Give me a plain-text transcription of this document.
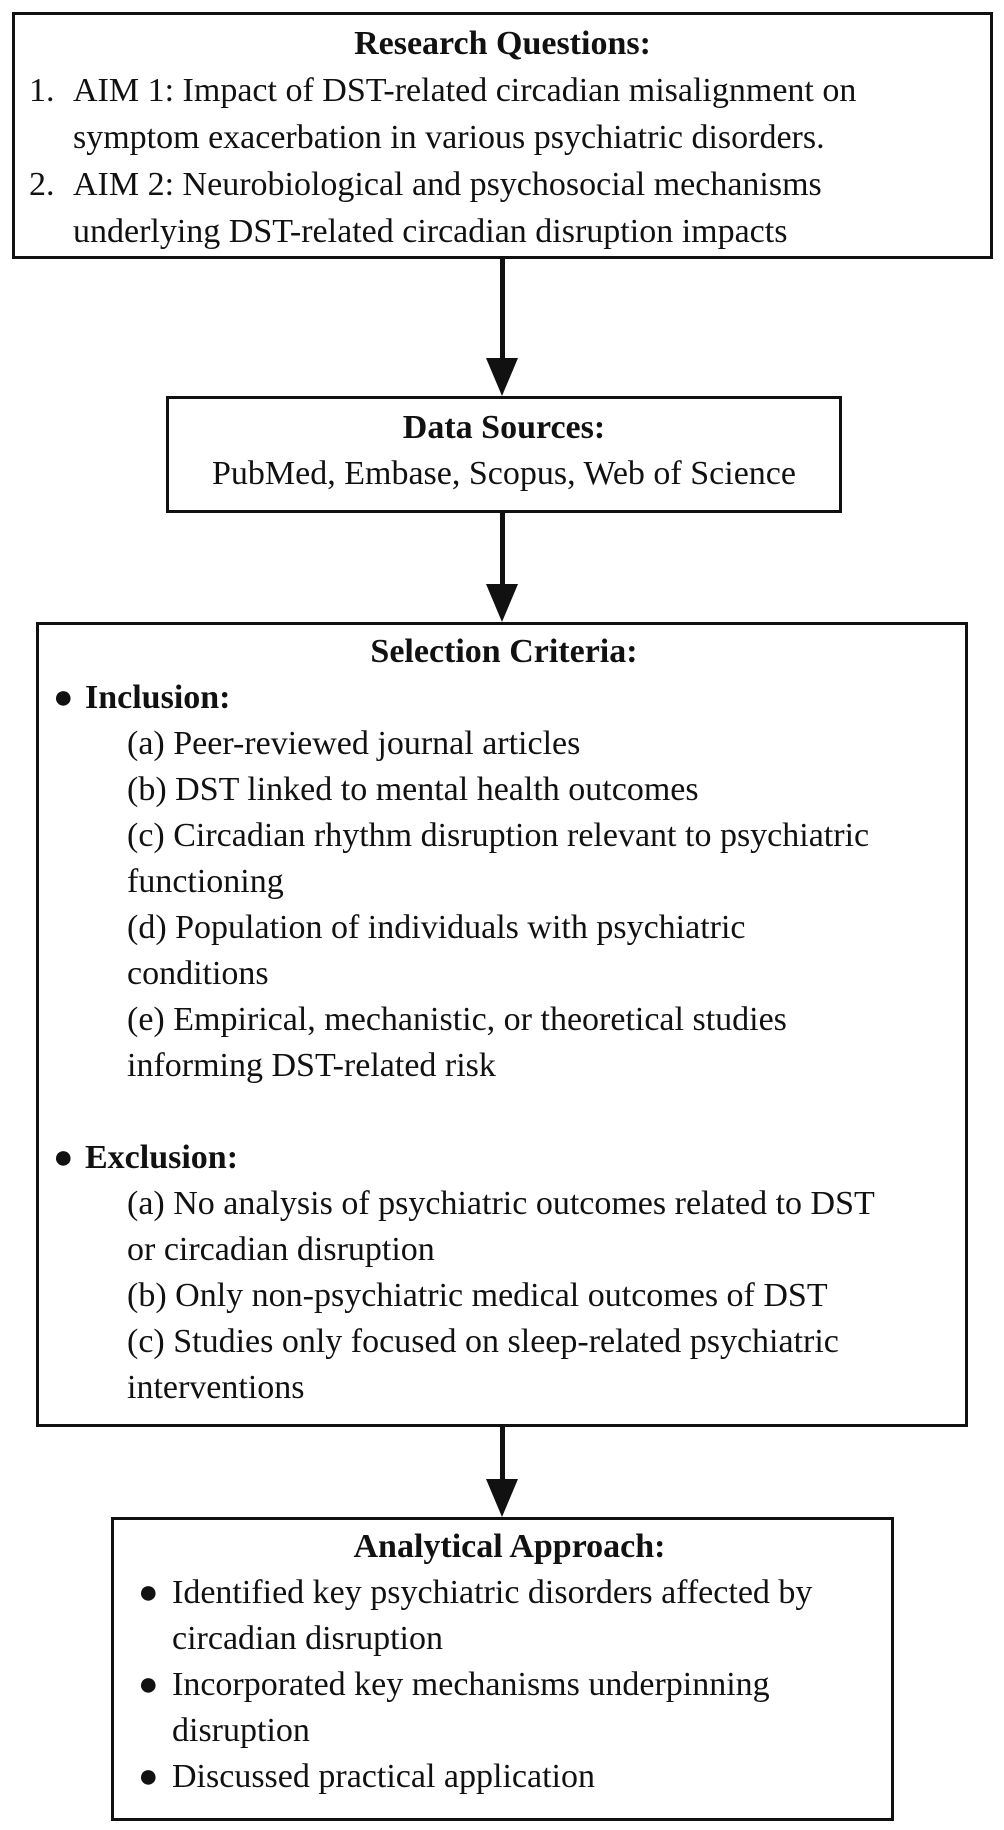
Research Questions:

1. AIM 1: Impact of DST-related circadian misalignment on symptom exacerbation in various psychiatric disorders.
2. AIM 2: Neurobiological and psychosocial mechanisms underlying DST-related circadian disruption impacts

Data Sources:

PubMed, Embase, Scopus, Web of Science

Selection Criteria:

● Inclusion:
(a) Peer-reviewed journal articles
(b) DST linked to mental health outcomes
(c) Circadian rhythm disruption relevant to psychiatric functioning
(d) Population of individuals with psychiatric conditions
(e) Empirical, mechanistic, or theoretical studies informing DST-related risk
● Exclusion:
(a) No analysis of psychiatric outcomes related to DST or circadian disruption
(b) Only non-psychiatric medical outcomes of DST
(c) Studies only focused on sleep-related psychiatric interventions

Analytical Approach:

● Identified key psychiatric disorders affected by circadian disruption
● Incorporated key mechanisms underpinning disruption
● Discussed practical application
